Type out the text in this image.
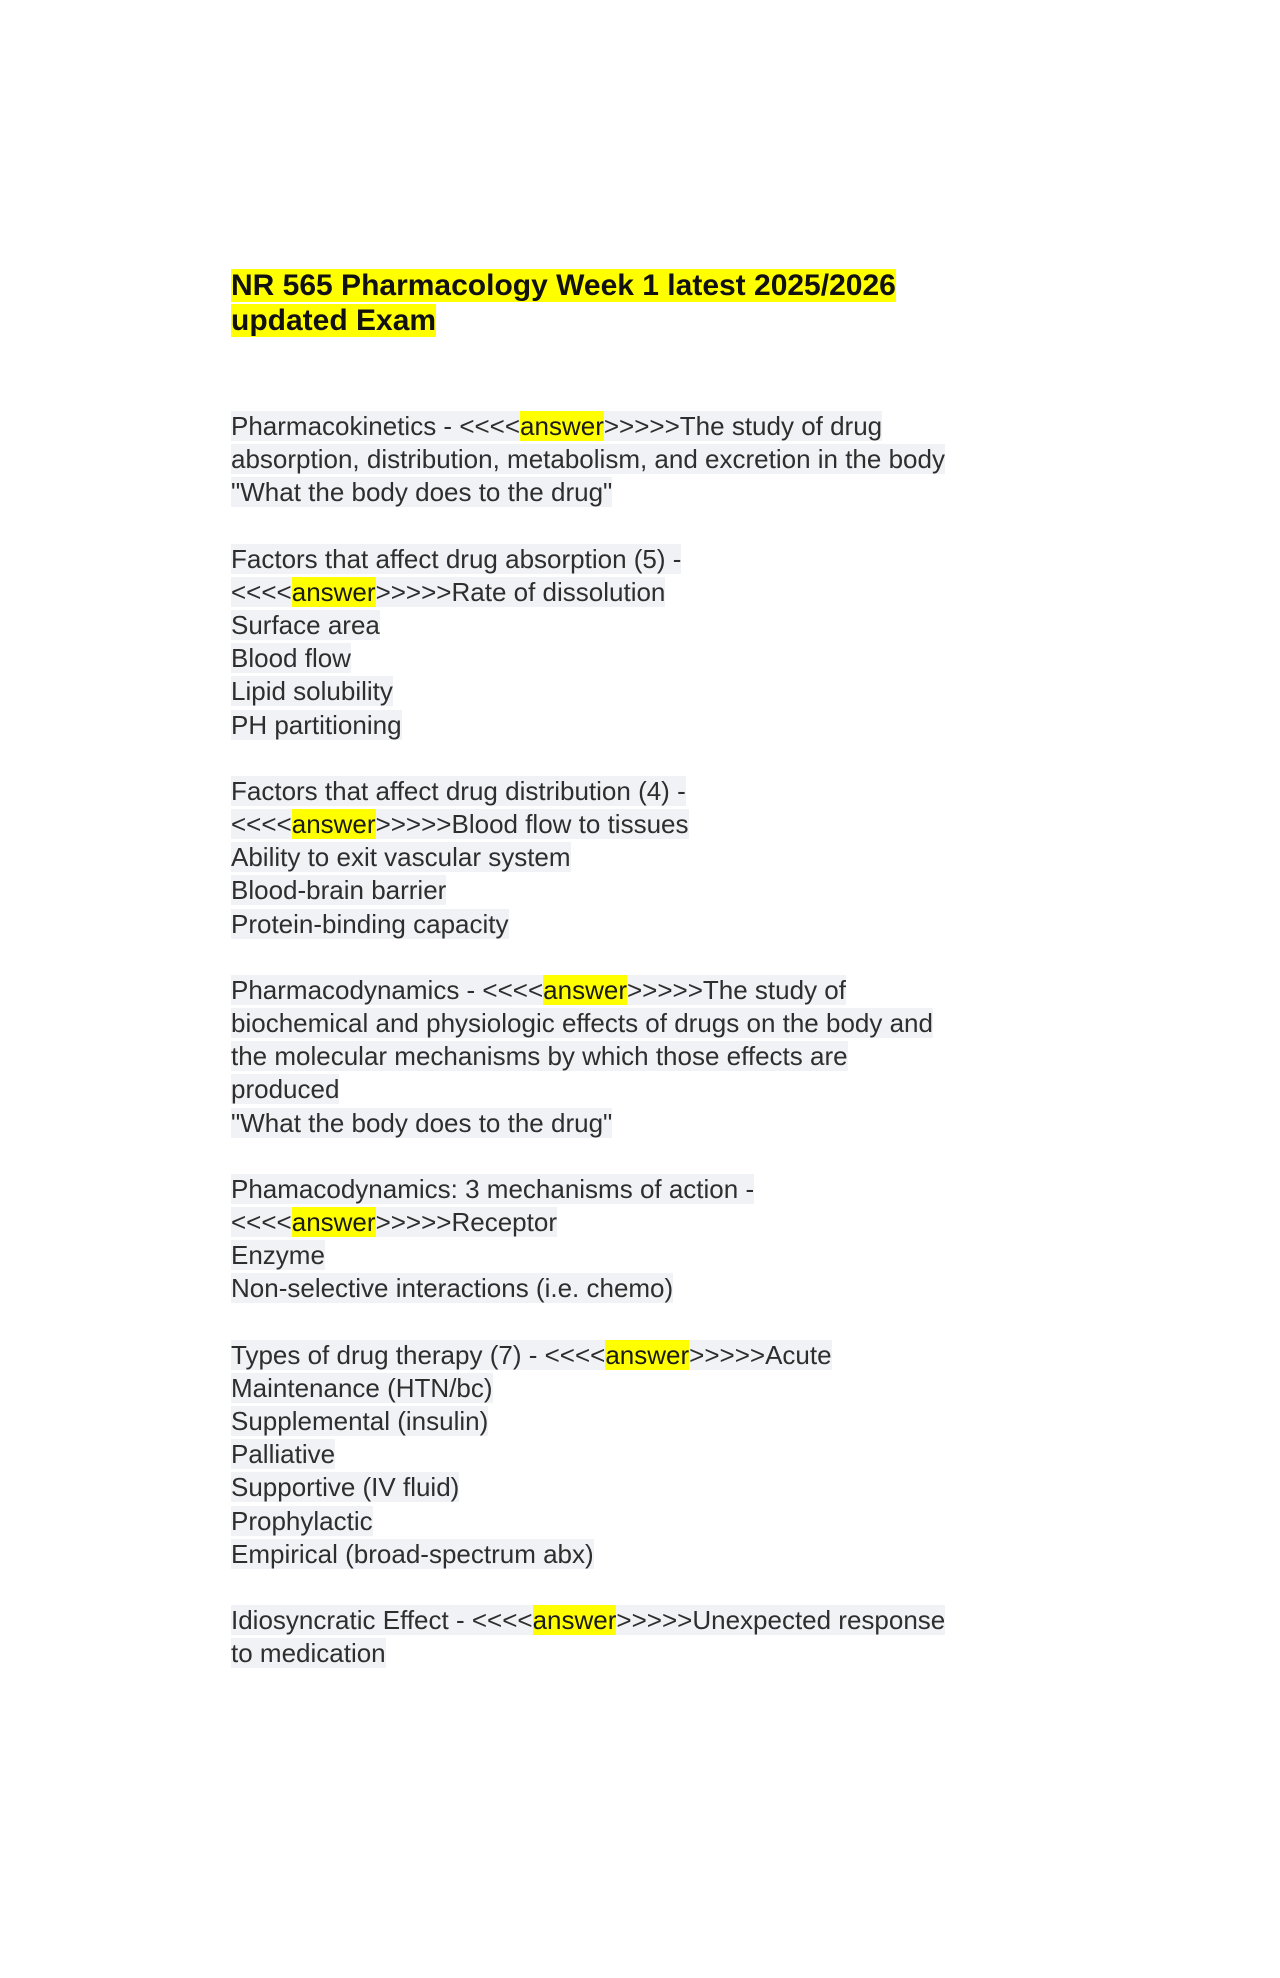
NR 565 Pharmacology Week 1 latest 2025/2026
updated Exam
Pharmacokinetics - <<<<answer>>>>>The study of drug
absorption, distribution, metabolism, and excretion in the body
"What the body does to the drug"
Factors that affect drug absorption (5) -
<<<<answer>>>>>Rate of dissolution
Surface area
Blood flow
Lipid solubility
PH partitioning
Factors that affect drug distribution (4) -
<<<<answer>>>>>Blood flow to tissues
Ability to exit vascular system
Blood-brain barrier
Protein-binding capacity
Pharmacodynamics - <<<<answer>>>>>The study of
biochemical and physiologic effects of drugs on the body and
the molecular mechanisms by which those effects are
produced
"What the body does to the drug"
Phamacodynamics: 3 mechanisms of action -
<<<<answer>>>>>Receptor
Enzyme
Non-selective interactions (i.e. chemo)
Types of drug therapy (7) - <<<<answer>>>>>Acute
Maintenance (HTN/bc)
Supplemental (insulin)
Palliative
Supportive (IV fluid)
Prophylactic
Empirical (broad-spectrum abx)
Idiosyncratic Effect - <<<<answer>>>>>Unexpected response
to medication
